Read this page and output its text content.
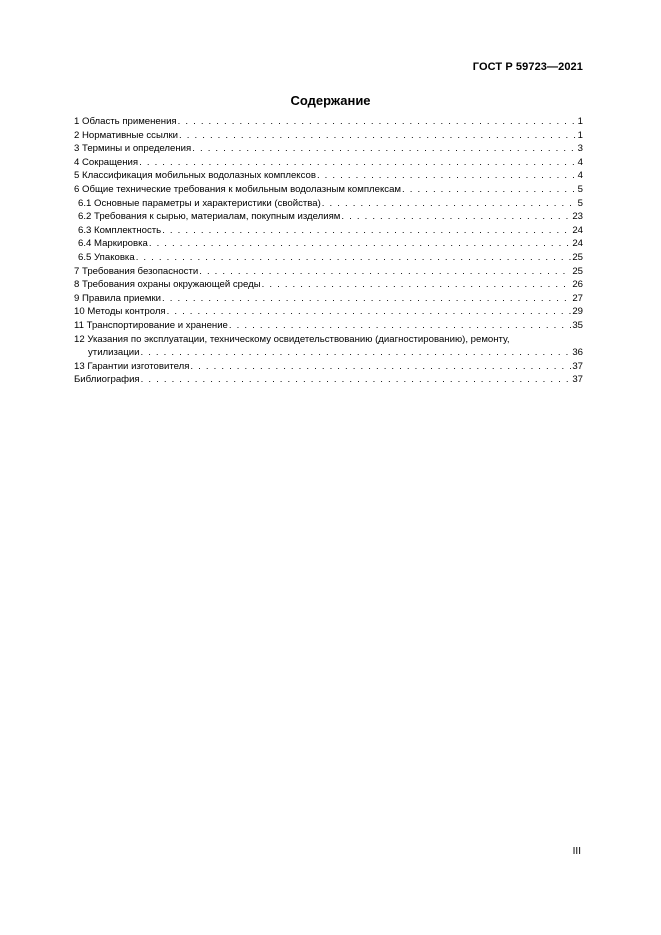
ГОСТ Р 59723—2021
Содержание
1 Область применения . . .	1
2 Нормативные ссылки . . .	1
3 Термины и определения . . .	3
4 Сокращения . . .	4
5 Классификация мобильных водолазных комплексов . . .	4
6 Общие технические требования к мобильным водолазным комплексам . . .	5
6.1 Основные параметры и характеристики (свойства) . . .	5
6.2 Требования к сырью, материалам, покупным изделиям . . .	23
6.3 Комплектность . . .	24
6.4 Маркировка . . .	24
6.5 Упаковка . . .	25
7 Требования безопасности . . .	25
8 Требования охраны окружающей среды . . .	26
9 Правила приемки . . .	27
10 Методы контроля . . .	29
11 Транспортирование и хранение . . .	35
12 Указания по эксплуатации, техническому освидетельствованию (диагностированию), ремонту,
утилизации . . .	36
13 Гарантии изготовителя . . .	37
Библиография . . .	37
III
